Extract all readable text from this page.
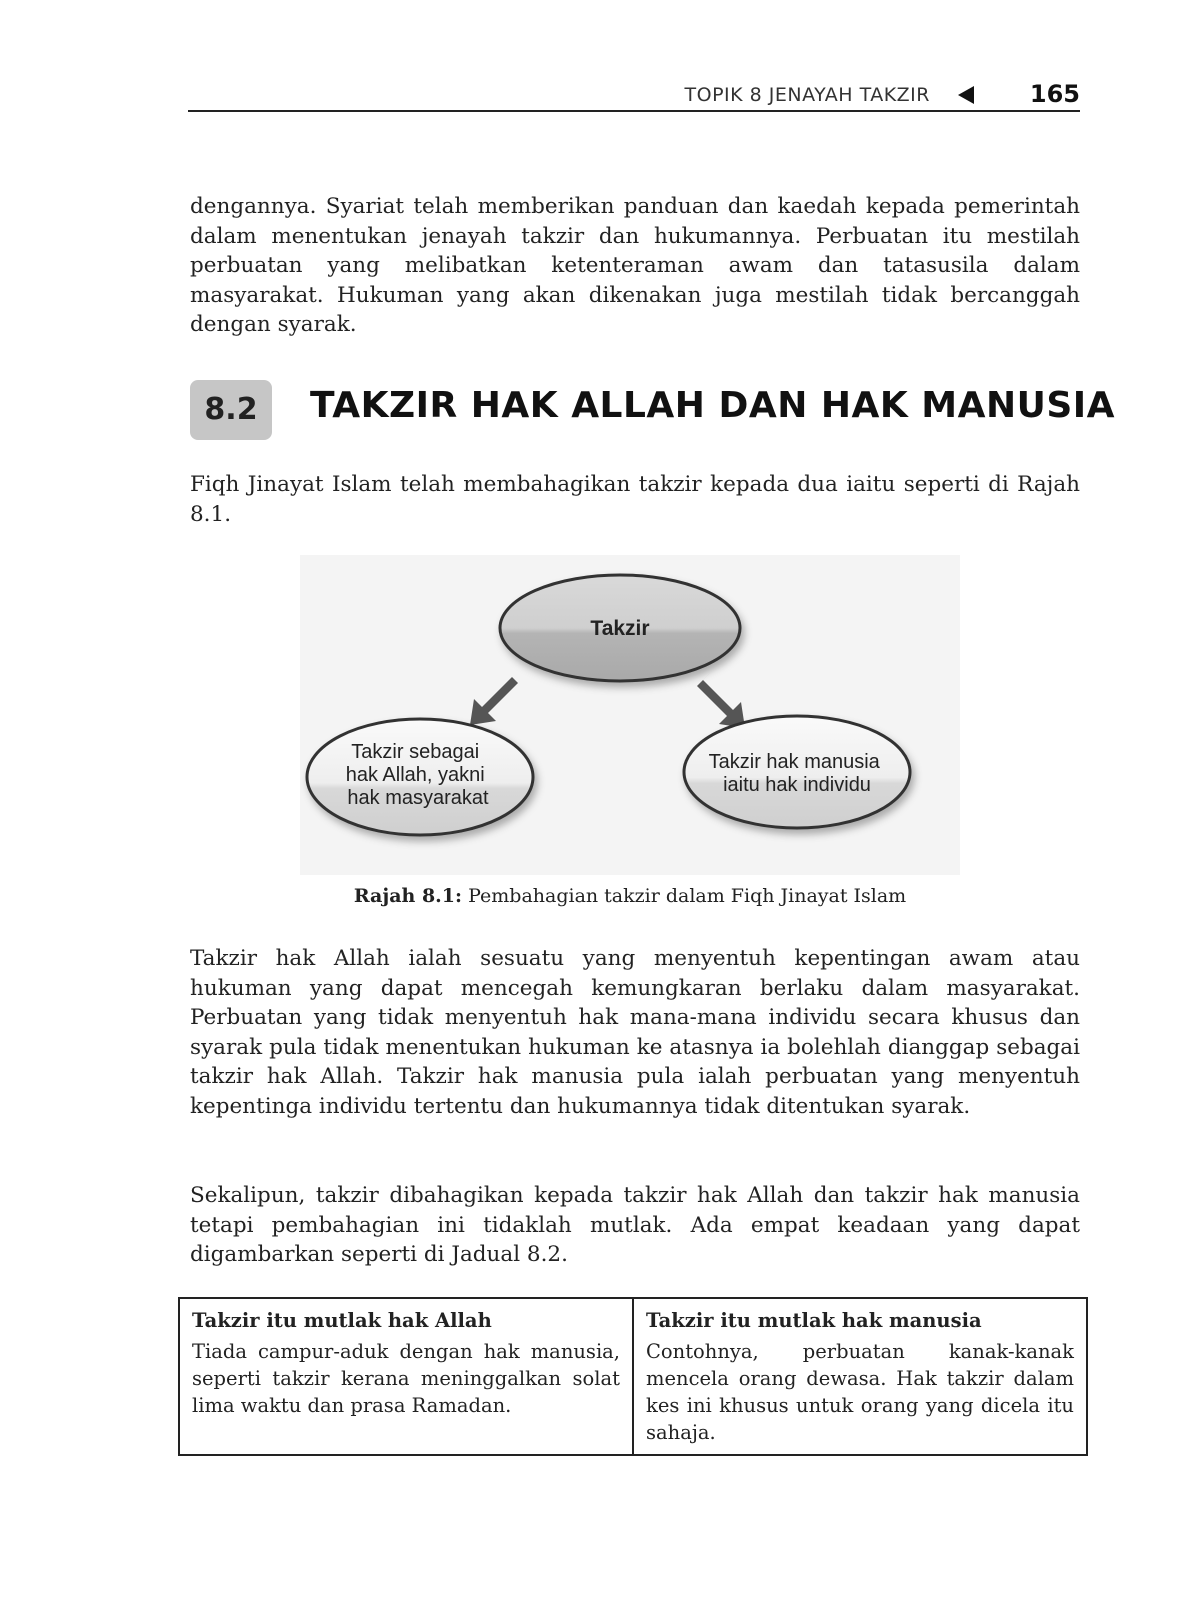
TOPIK 8 JENAYAH TAKZIR	165

dengannya. Syariat telah memberikan panduan dan kaedah kepada pemerintah dalam menentukan jenayah takzir dan hukumannya. Perbuatan itu mestilah perbuatan yang melibatkan ketenteraman awam dan tatasusila dalam masyarakat. Hukuman yang akan dikenakan juga mestilah tidak bercanggah dengan syarak.

8.2	TAKZIR HAK ALLAH DAN HAK MANUSIA

Fiqh Jinayat Islam telah membahagikan takzir kepada dua iaitu seperti di Rajah 8.1.

Takzir
Takzir sebagai hak Allah, yakni hak masyarakat
Takzir hak manusia iaitu hak individu
Rajah 8.1: Pembahagian takzir dalam Fiqh Jinayat Islam

Takzir hak Allah ialah sesuatu yang menyentuh kepentingan awam atau hukuman yang dapat mencegah kemungkaran berlaku dalam masyarakat. Perbuatan yang tidak menyentuh hak mana-mana individu secara khusus dan syarak pula tidak menentukan hukuman ke atasnya ia bolehlah dianggap sebagai takzir hak Allah. Takzir hak manusia pula ialah perbuatan yang menyentuh kepentinga individu tertentu dan hukumannya tidak ditentukan syarak.

Sekalipun, takzir dibahagikan kepada takzir hak Allah dan takzir hak manusia tetapi pembahagian ini tidaklah mutlak. Ada empat keadaan yang dapat digambarkan seperti di Jadual 8.2.

Takzir itu mutlak hak Allah	Takzir itu mutlak hak manusia
Tiada campur-aduk dengan hak manusia, seperti takzir kerana meninggalkan solat lima waktu dan prasa Ramadan.	Contohnya, perbuatan kanak-kanak mencela orang dewasa. Hak takzir dalam kes ini khusus untuk orang yang dicela itu sahaja.
